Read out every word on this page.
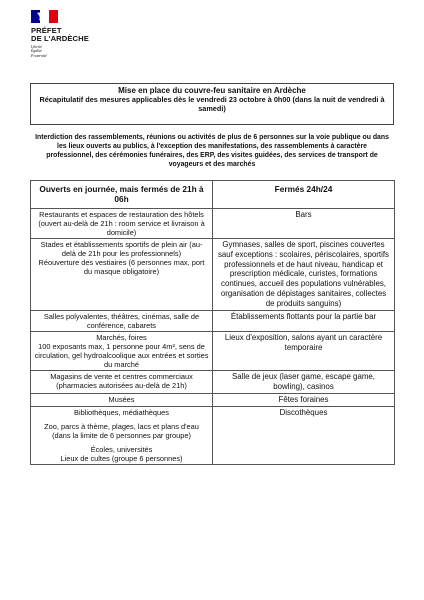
PRÉFET
DE L'ARDÈCHE
Liberté
Égalité
Fraternité
Mise en place du couvre-feu sanitaire en Ardèche
Récapitulatif des mesures applicables dès le vendredi 23 octobre à 0h00 (dans la nuit de vendredi à samedi)
Interdiction des rassemblements, réunions ou activités de plus de 6 personnes sur la voie publique ou dans les lieux ouverts au publics, à l'exception des manifestations, des rassemblements à caractère professionnel, des cérémonies funéraires, des ERP, des visites guidées, des services de transport de voyageurs et des marchés
Ouverts en journée, mais fermés de 21h à 06h	Fermés 24h/24

Restaurants et espaces de restauration des hôtels
(ouvert au-delà de 21h : room service et livraison à domicile)	Bars

Stades et établissements sportifs de plein air (au-delà de 21h pour les professionnels)
Réouverture des vestiaires (6 personnes max, port du masque obligatoire)	Gymnases, salles de sport, piscines couvertes sauf exceptions : scolaires, périscolaires, sportifs professionnels et de haut niveau, handicap et prescription médicale, curistes, formations continues, accueil des populations vulnérables, organisation de dépistages sanitaires, collectes de produits sanguins)

Salles polyvalentes, théâtres, cinémas, salle de conférence, cabarets	Établissements flottants pour la partie bar

Marchés, foires
100 exposants max, 1 personne pour 4m², sens de circulation, gel hydroalcoolique aux entrées et sorties du marché	Lieux d'exposition, salons ayant un caractère temporaire

Magasins de vente et centres commerciaux (pharmacies autorisées au-delà de 21h)	Salle de jeux (laser game, escape game, bowling), casinos

Musées	Fêtes foraines

Bibliothèques, médiathèques
Zoo, parcs à thème, plages, lacs et plans d'eau (dans la limite de 6 personnes par groupe)
Écoles, universités
Lieux de cultes (groupe 6 personnes)	Discothèques
